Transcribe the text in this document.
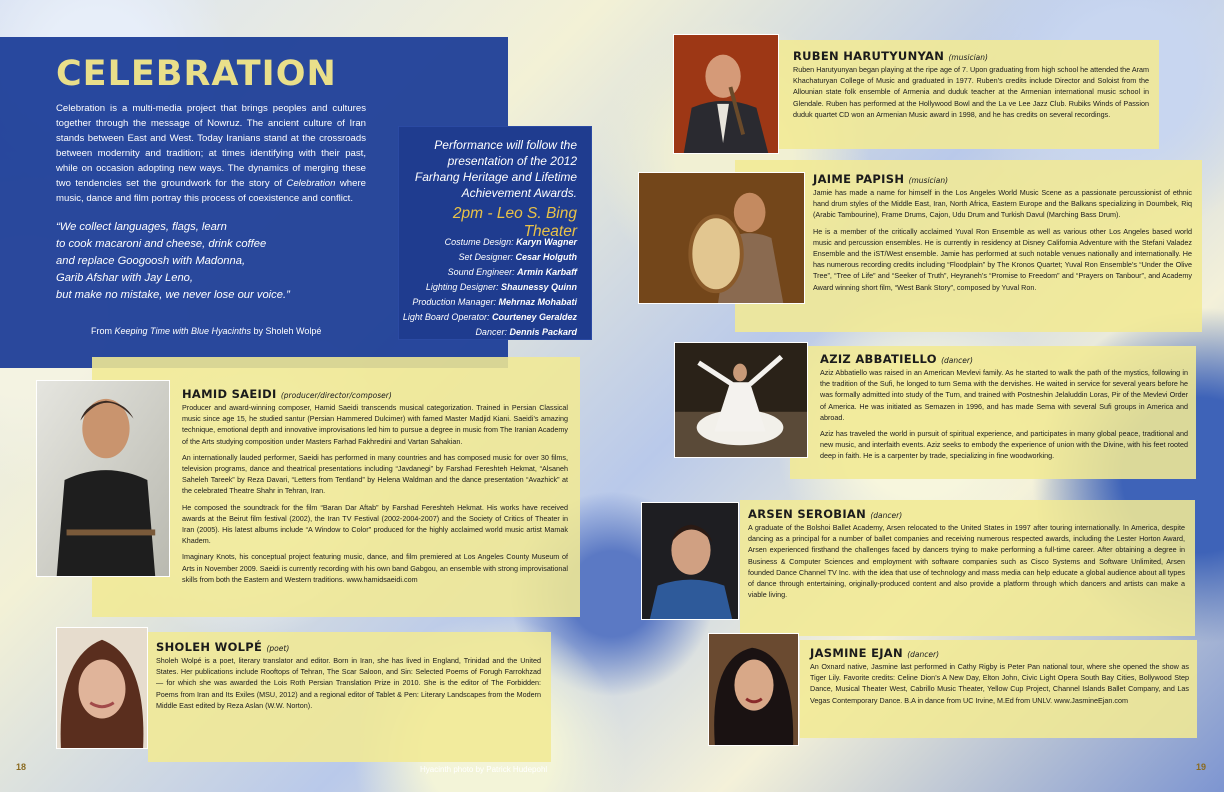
CELEBRATION
Celebration is a multi-media project that brings peoples and cultures together through the message of Nowruz. The ancient culture of Iran stands between East and West. Today Iranians stand at the crossroads between modernity and tradition; at times identifying with their past, while on occasion adopting new ways. The dynamics of merging these two tendencies set the groundwork for the story of Celebration where music, dance and film portray this process of coexistence and conflict.
“We collect languages, flags, learn
to cook macaroni and cheese, drink coffee
and replace Googoosh with Madonna,
Garib Afshar with Jay Leno,
but make no mistake, we never lose our voice.”
From Keeping Time with Blue Hyacinths by Sholeh Wolpé
Performance will follow the
presentation of the 2012
Farhang Heritage and Lifetime
Achievement Awards.
2pm - Leo S. Bing Theater
Costume Design: Karyn Wagner
Set Designer: Cesar Holguth
Sound Engineer: Armin Karbaff
Lighting Designer: Shaunessy Quinn
Production Manager: Mehrnaz Mohabati
Light Board Operator: Courteney Geraldez
Dancer: Dennis Packard
HAMID SAEIDI (producer/director/composer)

Producer and award-winning composer, Hamid Saeidi transcends musical categorization. Trained in Persian Classical music since age 15, he studied santur (Persian Hammered Dulcimer) with famed Master Madjid Kiani. Saeidi’s amazing technique, emotional depth and innovative improvisations led him to pursue a degree in music from The Iranian Academy of the Arts studying composition under Masters Farhad Fakhredini and Vartan Sahakian.

An internationally lauded performer, Saeidi has performed in many countries and has composed music for over 30 films, television programs, dance and theatrical presentations including “Javdanegi” by Farshad Fereshteh Hekmat, “Alsaneh Saheleh Tareek” by Reza Davari, “Letters from Tentland” by Helena Waldman and the dance presentation “Avazhick” at the celebrated Theatre Shahr in Tehran, Iran.

He composed the soundtrack for the film “Baran Dar Aftab” by Farshad Fereshteh Hekmat. His works have received awards at the Beirut film festival (2002), the Iran TV Festival (2002-2004-2007) and the Society of Critics of Theater in Iran (2005). His latest albums include “A Window to Color” produced for the highly acclaimed world music artist Mamak Khadem.

Imaginary Knots, his conceptual project featuring music, dance, and film premiered at Los Angeles County Museum of Arts in November 2009. Saeidi is currently recording with his own band Gabgou, an ensemble with strong improvisational skills from both the Eastern and Western traditions. www.hamidsaeidi.com

SHOLEH WOLPÉ (poet)

Sholeh Wolpé is a poet, literary translator and editor. Born in Iran, she has lived in England, Trinidad and the United States. Her publications include Rooftops of Tehran, The Scar Saloon, and Sin: Selected Poems of Forugh Farrokhzad — for which she was awarded the Lois Roth Persian Translation Prize in 2010. She is the editor of The Forbidden: Poems from Iran and Its Exiles (MSU, 2012) and a regional editor of Tablet & Pen: Literary Landscapes from the Modern Middle East edited by Reza Aslan (W.W. Norton).

RUBEN HARUTYUNYAN (musician)

Ruben Harutyunyan began playing at the ripe age of 7. Upon graduating from high school he attended the Aram Khachaturyan College of Music and graduated in 1977. Ruben’s credits include Director and Soloist from the Allounian state folk ensemble of Armenia and duduk teacher at the Armenian international music school in Glendale. Ruben has performed at the Hollywood Bowl and the La ve Lee Jazz Club. Rubiks Winds of Passion duduk quartet CD won an Armenian Music award in 1998, and he has credits on several recordings.

JAIME PAPISH (musician)

Jamie has made a name for himself in the Los Angeles World Music Scene as a passionate percussionist of ethnic hand drum styles of the Middle East, Iran, North Africa, Eastern Europe and the Balkans specializing in Doumbek, Riq (Arabic Tambourine), Frame Drums, Cajon, Udu Drum and Turkish Davul (Marching Bass Drum).

He is a member of the critically acclaimed Yuval Ron Ensemble as well as various other Los Angeles based world music and percussion ensembles. He is currently in residency at Disney California Adventure with the Stefani Valadez Ensemble and the iST/West ensemble. Jamie has performed at such notable venues nationally and internationally. He has numerous recording credits including “Floodplain” by The Kronos Quartet; Yuval Ron Ensemble’s “Under the Olive Tree”, “Tree of Life” and “Seeker of Truth”, Heyraneh’s “Promise to Freedom” and “Prayers on Tanbour”, and Academy Award winning short film, “West Bank Story”, composed by Yuval Ron.

AZIZ ABBATIELLO (dancer)

Aziz Abbatiello was raised in an American Mevlevi family. As he started to walk the path of the mystics, following in the tradition of the Sufi, he longed to turn Sema with the dervishes. He waited in service for several years before he was formally admitted into study of the Turn, and trained with Postneshin Jelaluddin Loras, Pir of the Mevlevi Order of America. He was initiated as Semazen in 1996, and has made Sema with several Sufi groups in America and abroad.

Aziz has traveled the world in pursuit of spiritual experience, and participates in many global peace, traditional and new music, and interfaith events. Aziz seeks to embody the experience of union with the Divine, with his feet rooted deep in faith. He is a carpenter by trade, specializing in fine woodworking.

ARSEN SEROBIAN (dancer)

A graduate of the Bolshoi Ballet Academy, Arsen relocated to the United States in 1997 after touring internationally. In America, despite dancing as a principal for a number of ballet companies and receiving numerous respected awards, including the Lester Horton Award, Arsen experienced firsthand the challenges faced by dancers trying to make performing a full-time career. After obtaining a degree in Business & Computer Sciences and employment with software companies such as Cisco Systems and Software Unlimited, Arsen founded Dance Channel TV Inc. with the idea that use of technology and mass media can help educate a global audience about all types of dance through entertaining, originally-produced content and also provide a platform through which dancers and artists can make a viable living.

JASMINE EJAN (dancer)

An Oxnard native, Jasmine last performed in Cathy Rigby is Peter Pan national tour, where she opened the show as Tiger Lily. Favorite credits: Celine Dion’s A New Day, Elton John, Civic Light Opera South Bay Cities, Bollywood Step Dance, Musical Theater West, Cabrillo Music Theater, Yellow Cup Project, Channel Islands Ballet Company, and Las Vegas Contemporary Dance. B.A in dance from UC Irvine, M.Ed from UNLV. www.JasmineEjan.com

18	19
Hyacinth photo by Patrick Hudepohl
